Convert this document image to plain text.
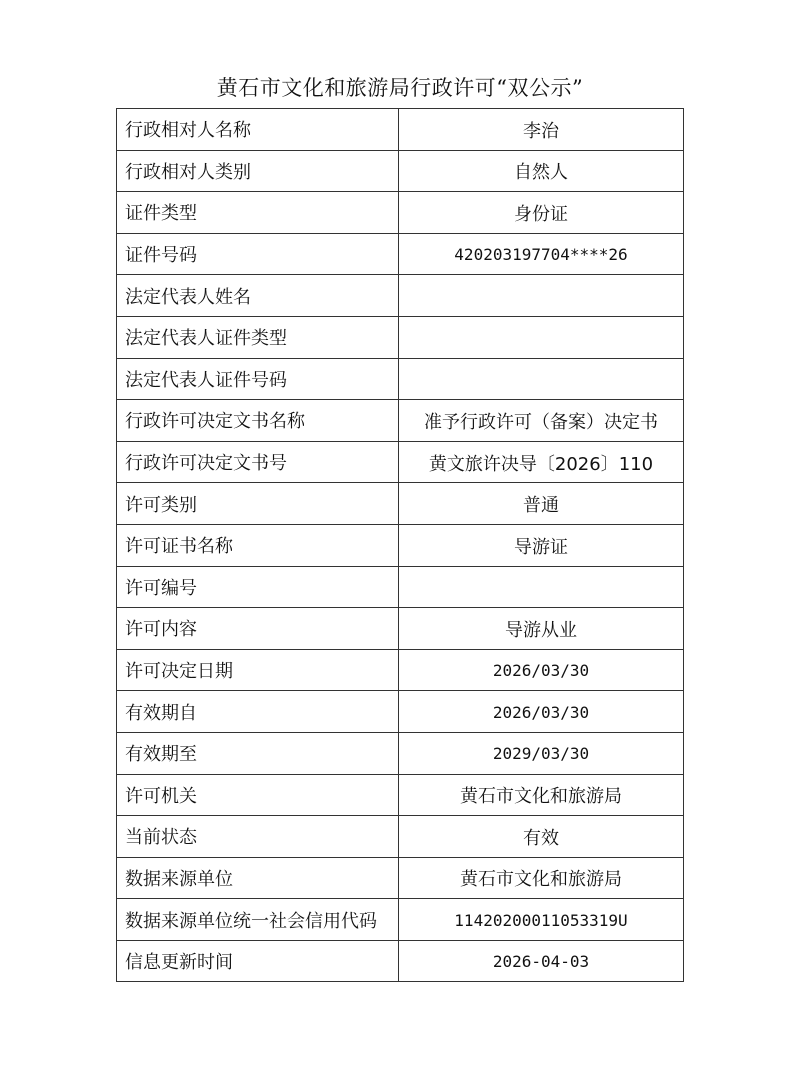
黄石市文化和旅游局行政许可“双公示”
行政相对人名称	李治
行政相对人类别	自然人
证件类型	身份证
证件号码	420203197704****26
法定代表人姓名	
法定代表人证件类型	
法定代表人证件号码	
行政许可决定文书名称	准予行政许可（备案）决定书
行政许可决定文书号	黄文旅许决导〔2026〕110
许可类别	普通
许可证书名称	导游证
许可编号	
许可内容	导游从业
许可决定日期	2026/03/30
有效期自	2026/03/30
有效期至	2029/03/30
许可机关	黄石市文化和旅游局
当前状态	有效
数据来源单位	黄石市文化和旅游局
数据来源单位统一社会信用代码	11420200011053319U
信息更新时间	2026-04-03
